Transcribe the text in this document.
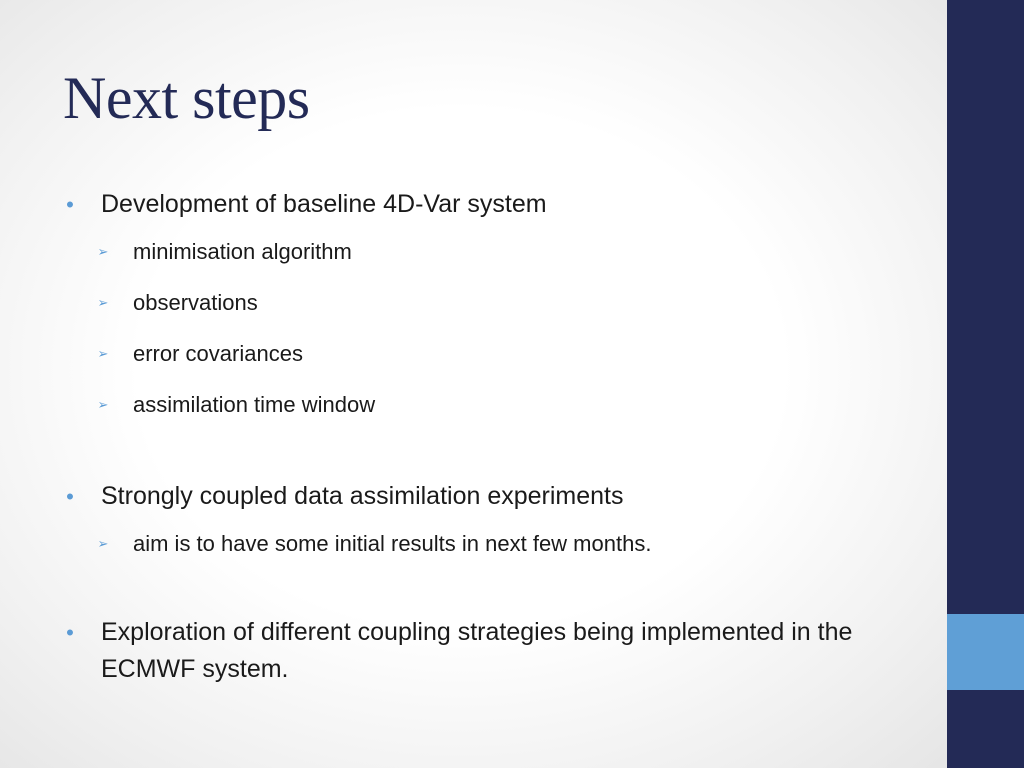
Next steps
• Development of baseline 4D-Var system
➢ minimisation algorithm
➢ observations
➢ error covariances
➢ assimilation time window
• Strongly coupled data assimilation experiments
➢ aim is to have some initial results in next few months.
• Exploration of different coupling strategies being implemented in the ECMWF system.
